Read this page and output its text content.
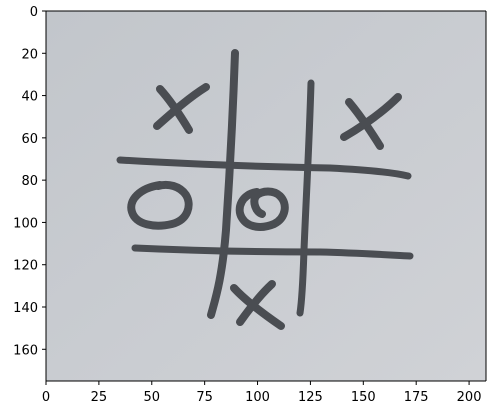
0	25	50	75 100 125 150 175 200
0
20
40
60
80
100
120
140
160
